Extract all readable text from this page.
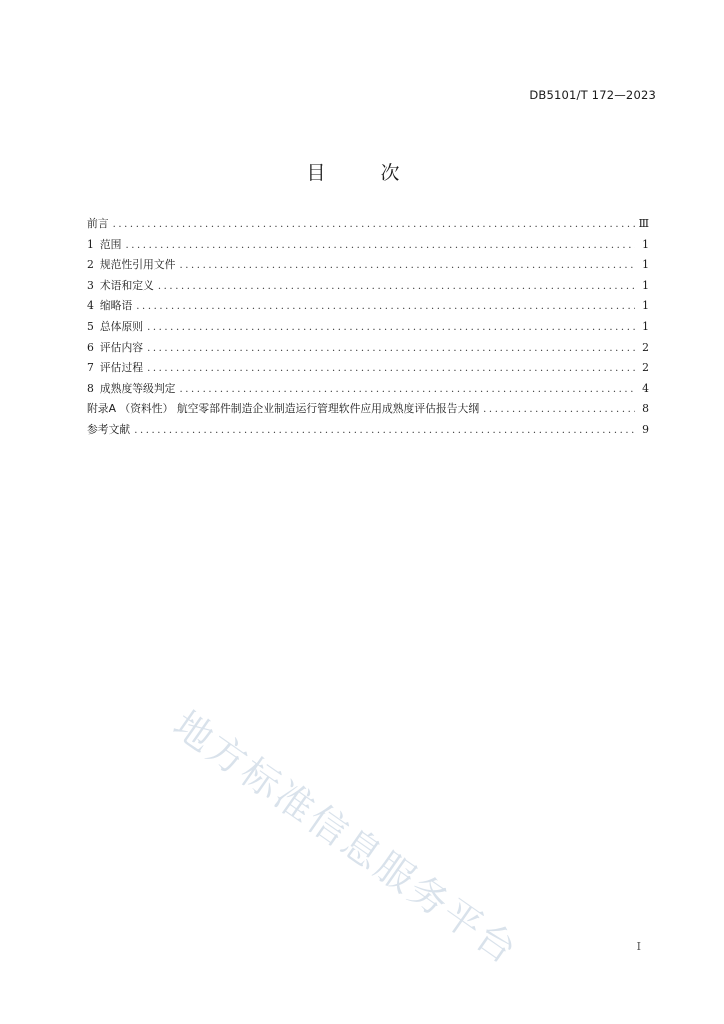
DB5101/T 172—2023
目　次
前言 .....	Ⅲ
1 范围 .....	1
2 规范性引用文件 .....	1
3 术语和定义 .....	1
4 缩略语 .....	1
5 总体原则 .....	1
6 评估内容 .....	2
7 评估过程 .....	2
8 成熟度等级判定 .....	4
附录A （资料性） 航空零部件制造企业制造运行管理软件应用成熟度评估报告大纲 .....	8
参考文献 .....	9
地方标准信息服务平台	I
